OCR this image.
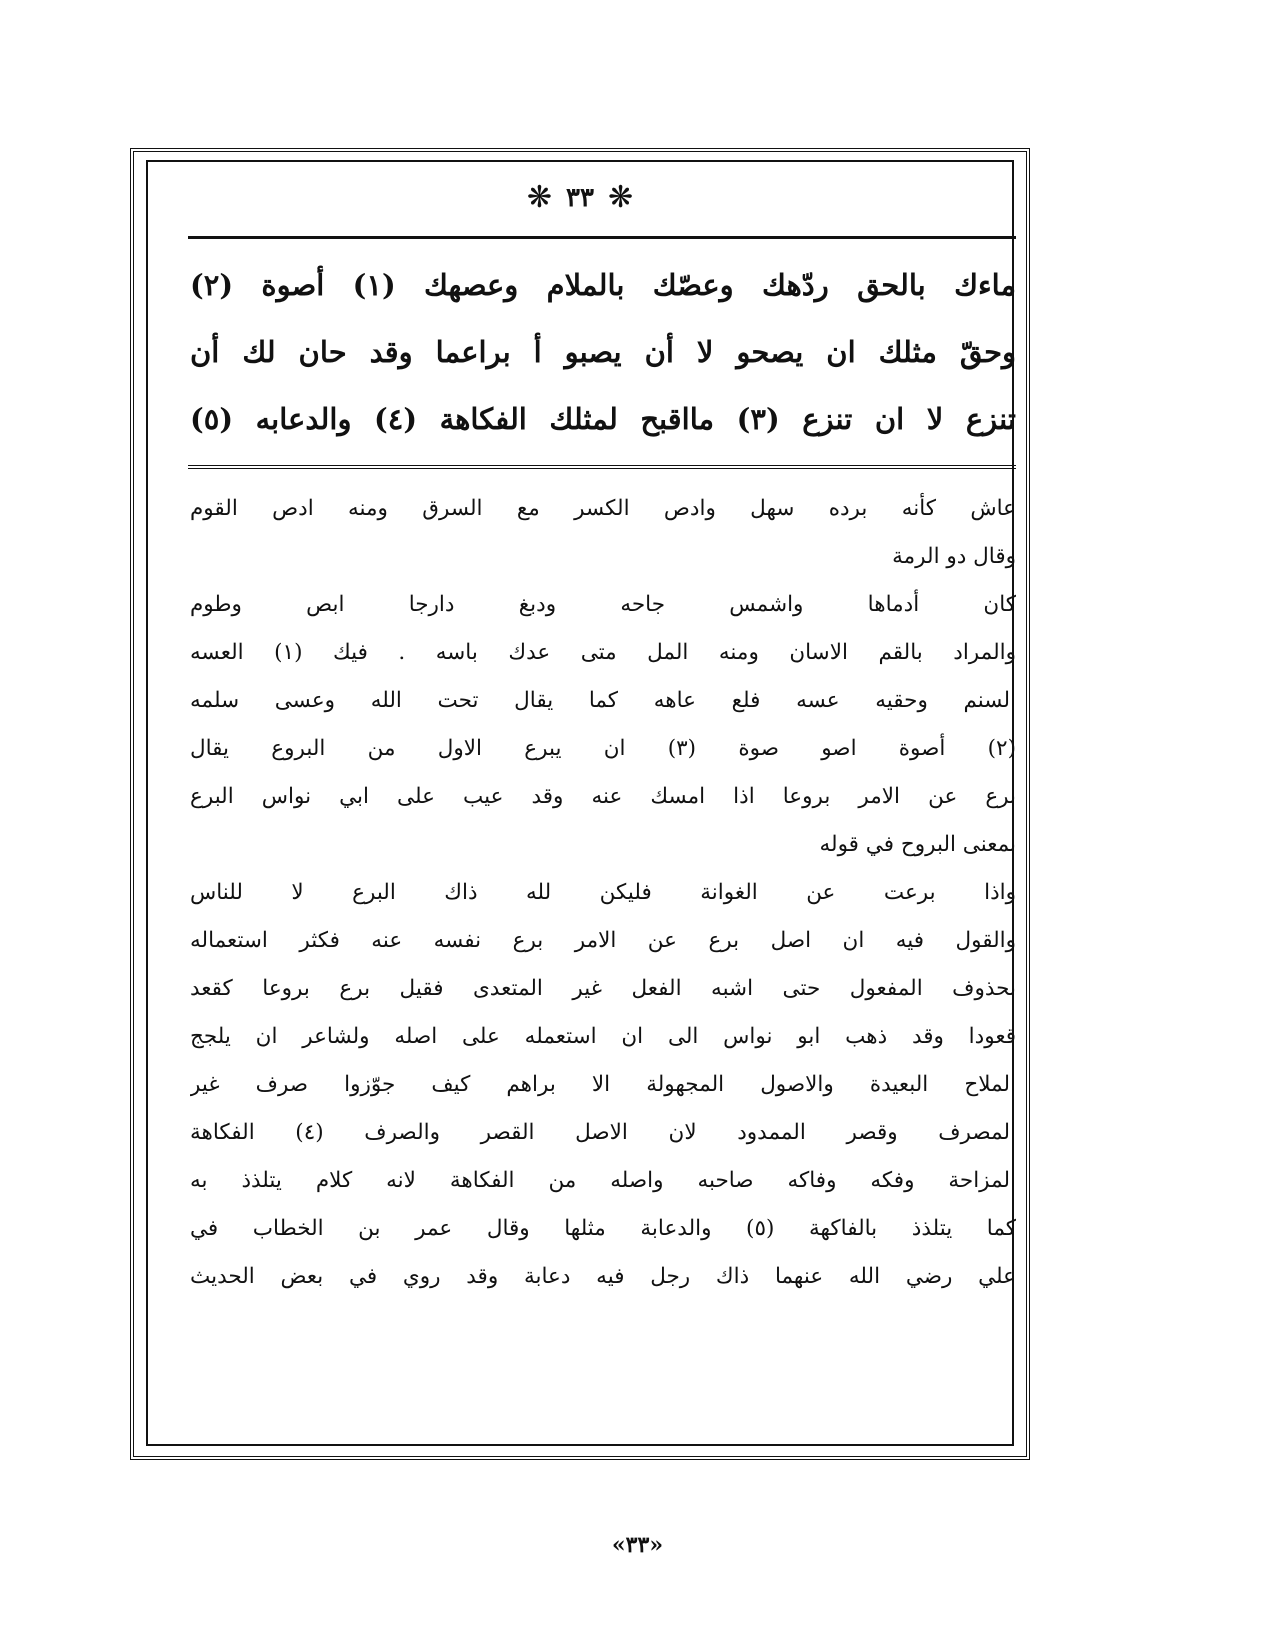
❋ ٣٣ ❋

ماءك بالحق ردّهك وعصّك بالملام وعصهك (١) أصوة (٢)

وحقّ مثلك ان يصحو لا أن يصبو أ براعما وقد حان لك أن

تنزع لا ان تنزع (٣) مااقبح لمثلك الفكاهة (٤) والدعابه (٥)

عاش كأنه برده سهل وادص الكسر مع السرق ومنه ادص القوم

وقال دو الرمة

كان أدماها واشمس جاحه ودبغ دارجا ابص وطوم

والمراد بالقم الاسان ومنه المل متى عدك باسه . فيك (١) العسه

السنم وحقيه عسه فلع عاهه كما يقال تحت الله وعسى سلمه

(٢) أصوة اصو صوة (٣) ان يبرع الاول من البروع يقال

برع عن الامر بروعا اذا امسك عنه وقد عيب على ابي نواس البرع

بمعنى البروح في قوله

واذا برعت عن الغوانة فليكن لله ذاك البرع لا للناس

والقول فيه ان اصل برع عن الامر برع نفسه عنه فكثر استعماله

بحذوف المفعول حتى اشبه الفعل غير المتعدى فقيل برع بروعا كقعد

قعودا وقد ذهب ابو نواس الى ان استعمله على اصله ولشاعر ان يلجج

الملاح البعيدة والاصول المجهولة الا براهم كيف جوّزوا صرف غير

المصرف وقصر الممدود لان الاصل القصر والصرف (٤) الفكاهة

المزاحة وفكه وفاكه صاحبه واصله من الفكاهة لانه كلام يتلذذ به

كما يتلذذ بالفاكهة (٥) والدعابة مثلها وقال عمر بن الخطاب في

علي رضي الله عنهما ذاك رجل فيه دعابة وقد روي في بعض الحديث

«٣٣»
